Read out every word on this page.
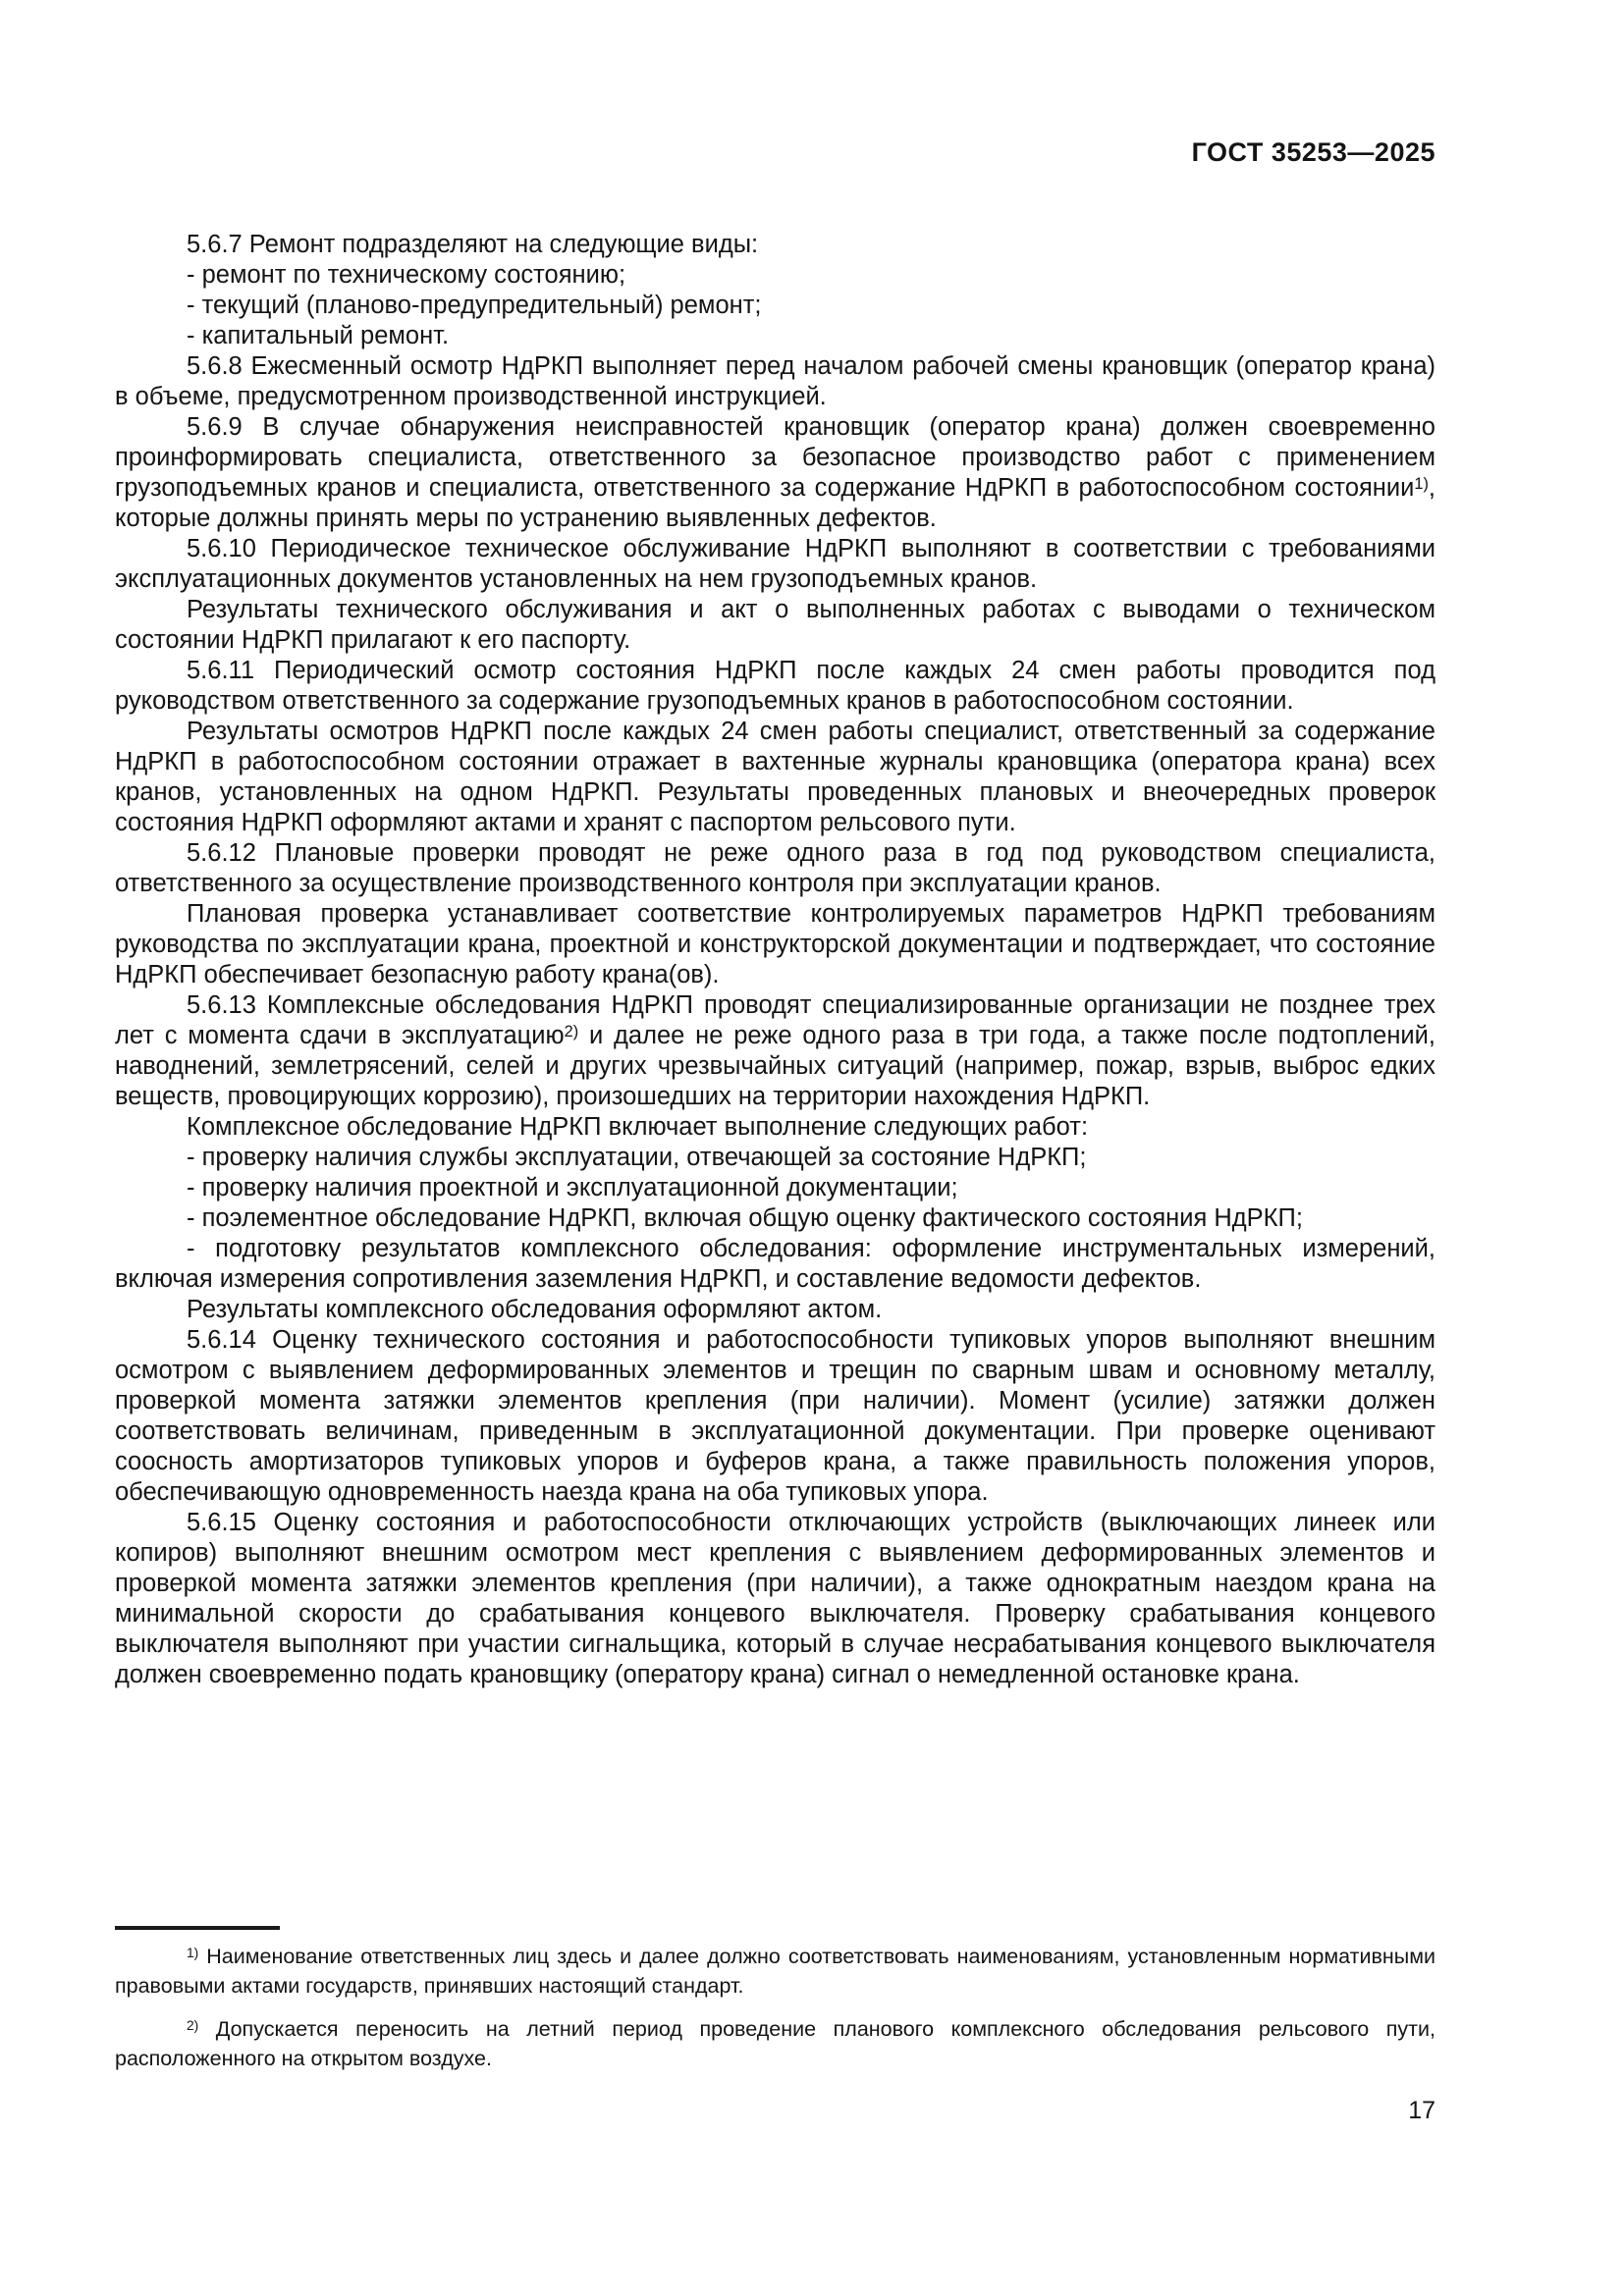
ГОСТ 35253—2025

5.6.7 Ремонт подразделяют на следующие виды:

- ремонт по техническому состоянию;

- текущий (планово-предупредительный) ремонт;

- капитальный ремонт.

5.6.8 Ежесменный осмотр НдРКП выполняет перед началом рабочей смены крановщик (оператор крана) в объеме, предусмотренном производственной инструкцией.

5.6.9 В случае обнаружения неисправностей крановщик (оператор крана) должен своевременно проинформировать специалиста, ответственного за безопасное производство работ с применением грузоподъемных кранов и специалиста, ответственного за содержание НдРКП в работоспособном состоянии$^{1)}$, которые должны принять меры по устранению выявленных дефектов.

5.6.10 Периодическое техническое обслуживание НдРКП выполняют в соответствии с требованиями эксплуатационных документов установленных на нем грузоподъемных кранов.

Результаты технического обслуживания и акт о выполненных работах с выводами о техническом состоянии НдРКП прилагают к его паспорту.

5.6.11 Периодический осмотр состояния НдРКП после каждых 24 смен работы проводится под руководством ответственного за содержание грузоподъемных кранов в работоспособном состоянии.

Результаты осмотров НдРКП после каждых 24 смен работы специалист, ответственный за содержание НдРКП в работоспособном состоянии отражает в вахтенные журналы крановщика (оператора крана) всех кранов, установленных на одном НдРКП. Результаты проведенных плановых и внеочередных проверок состояния НдРКП оформляют актами и хранят с паспортом рельсового пути.

5.6.12 Плановые проверки проводят не реже одного раза в год под руководством специалиста, ответственного за осуществление производственного контроля при эксплуатации кранов.

Плановая проверка устанавливает соответствие контролируемых параметров НдРКП требованиям руководства по эксплуатации крана, проектной и конструкторской документации и подтверждает, что состояние НдРКП обеспечивает безопасную работу крана(ов).

5.6.13 Комплексные обследования НдРКП проводят специализированные организации не позднее трех лет с момента сдачи в эксплуатацию$^{2)}$ и далее не реже одного раза в три года, а также после подтоплений, наводнений, землетрясений, селей и других чрезвычайных ситуаций (например, пожар, взрыв, выброс едких веществ, провоцирующих коррозию), произошедших на территории нахождения НдРКП.

Комплексное обследование НдРКП включает выполнение следующих работ:

- проверку наличия службы эксплуатации, отвечающей за состояние НдРКП;

- проверку наличия проектной и эксплуатационной документации;

- поэлементное обследование НдРКП, включая общую оценку фактического состояния НдРКП;

- подготовку результатов комплексного обследования: оформление инструментальных измерений, включая измерения сопротивления заземления НдРКП, и составление ведомости дефектов.

Результаты комплексного обследования оформляют актом.

5.6.14 Оценку технического состояния и работоспособности тупиковых упоров выполняют внешним осмотром с выявлением деформированных элементов и трещин по сварным швам и основному металлу, проверкой момента затяжки элементов крепления (при наличии). Момент (усилие) затяжки должен соответствовать величинам, приведенным в эксплуатационной документации. При проверке оценивают соосность амортизаторов тупиковых упоров и буферов крана, а также правильность положения упоров, обеспечивающую одновременность наезда крана на оба тупиковых упора.

5.6.15 Оценку состояния и работоспособности отключающих устройств (выключающих линеек или копиров) выполняют внешним осмотром мест крепления с выявлением деформированных элементов и проверкой момента затяжки элементов крепления (при наличии), а также однократным наездом крана на минимальной скорости до срабатывания концевого выключателя. Проверку срабатывания концевого выключателя выполняют при участии сигнальщика, который в случае несрабатывания концевого выключателя должен своевременно подать крановщику (оператору крана) сигнал о немедленной остановке крана.

$^{1)}$ Наименование ответственных лиц здесь и далее должно соответствовать наименованиям, установленным нормативными правовыми актами государств, принявших настоящий стандарт.

$^{2)}$ Допускается переносить на летний период проведение планового комплексного обследования рельсового пути, расположенного на открытом воздухе.

17
